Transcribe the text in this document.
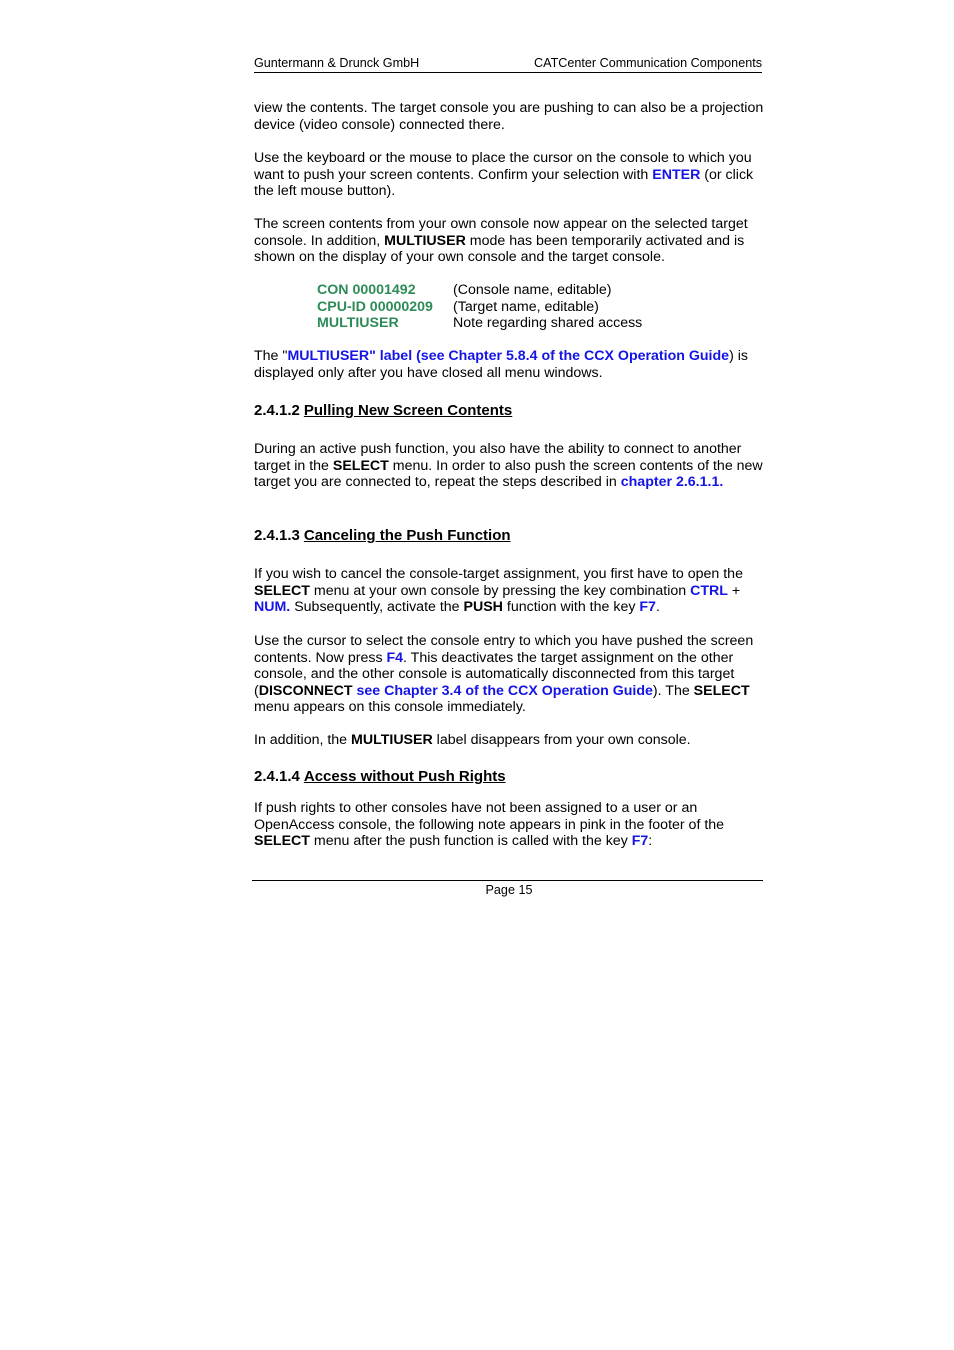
Guntermann & Drunck GmbH	CATCenter Communication Components

view the contents. The target console you are pushing to can also be a projection device (video console) connected there.

Use the keyboard or the mouse to place the cursor on the console to which you want to push your screen contents. Confirm your selection with ENTER (or click the left mouse button).

The screen contents from your own console now appear on the selected target console. In addition, MULTIUSER mode has been temporarily activated and is shown on the display of your own console and the target console.

CON 00001492	(Console name, editable)
CPU-ID 00000209	(Target name, editable)
MULTIUSER	Note regarding shared access

The "MULTIUSER" label (see Chapter 5.8.4 of the CCX Operation Guide) is displayed only after you have closed all menu windows.

2.4.1.2 Pulling New Screen Contents

During an active push function, you also have the ability to connect to another target in the SELECT menu. In order to also push the screen contents of the new target you are connected to, repeat the steps described in chapter 2.6.1.1.

2.4.1.3 Canceling the Push Function

If you wish to cancel the console-target assignment, you first have to open the SELECT menu at your own console by pressing the key combination CTRL + NUM. Subsequently, activate the PUSH function with the key F7.

Use the cursor to select the console entry to which you have pushed the screen contents. Now press F4. This deactivates the target assignment on the other console, and the other console is automatically disconnected from this target (DISCONNECT see Chapter 3.4 of the CCX Operation Guide). The SELECT menu appears on this console immediately.

In addition, the MULTIUSER label disappears from your own console.

2.4.1.4 Access without Push Rights

If push rights to other consoles have not been assigned to a user or an OpenAccess console, the following note appears in pink in the footer of the SELECT menu after the push function is called with the key F7:

Page 15
